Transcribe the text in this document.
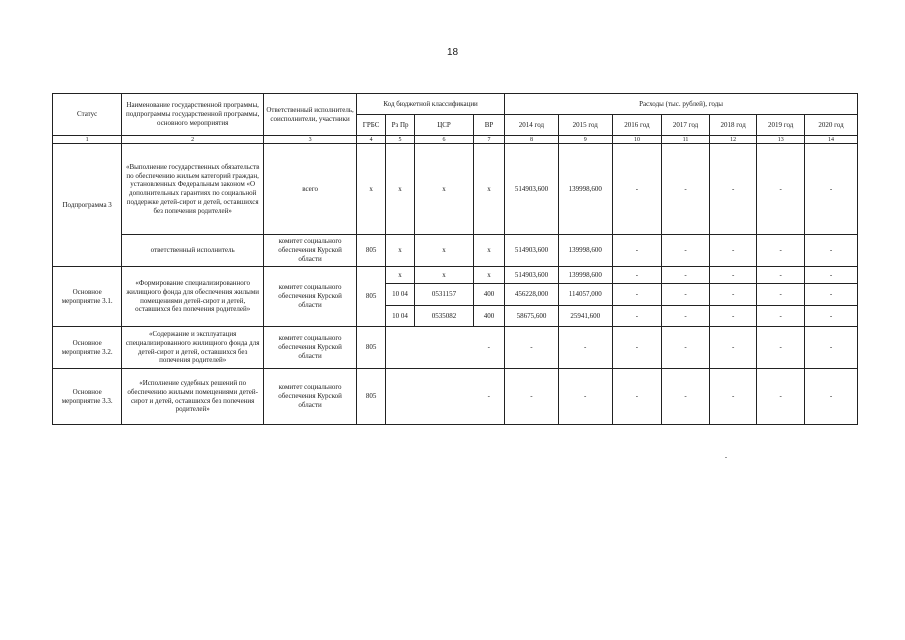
18
Статус	Наименование государственной программы, подпрограммы государственной программы, основного мероприятия	Ответственный исполнитель, соисполнители, участники	Код бюджетной классификации				Расходы (тыс. рублей), годы						
			ГРБС	Рз Пр	ЦСР	ВР	2014 год	2015 год	2016 год	2017 год	2018 год	2019 год	2020 год
1	2	3	4	5	6	7	8	9	10	11	12	13	14
Подпрограмма 3	«Выполнение государственных обязательств по обеспечению жильем категорий граждан, установленных Федеральным законом «О дополнительных гарантиях по социальной поддержке детей-сирот и детей, оставшихся без попечения родителей»	всего	х	х	х	х	514903,600	139998,600	-	-	-	-	-
	ответственный исполнитель	комитет социального обеспечения Курской области	805	х	х	х	514903,600	139998,600	-	-	-	-	-
Основное мероприятие 3.1.	«Формирование специализированного жилищного фонда для обеспечения жилыми помещениями детей-сирот и детей, оставшихся без попечения родителей»	комитет социального обеспечения Курской области	805	х	х	х	514903,600	139998,600	-	-	-	-	-
				10 04	0531157	400	456228,000	114057,000	-	-	-	-	-
				10 04	0535082	400	58675,600	25941,600	-	-	-	-	-
Основное мероприятие 3.2.	«Содержание и эксплуатация специализированного жилищного фонда для детей-сирот и детей, оставшихся без попечения родителей»	комитет социального обеспечения Курской области	805			-	-	-	-	-	-	-	-
Основное мероприятие 3.3.	«Исполнение судебных решений по обеспечению жилыми помещениями детей-сирот и детей, оставшихся без попечения родителей»	комитет социального обеспечения Курской области	805			-	-	-	-	-	-	-	-
